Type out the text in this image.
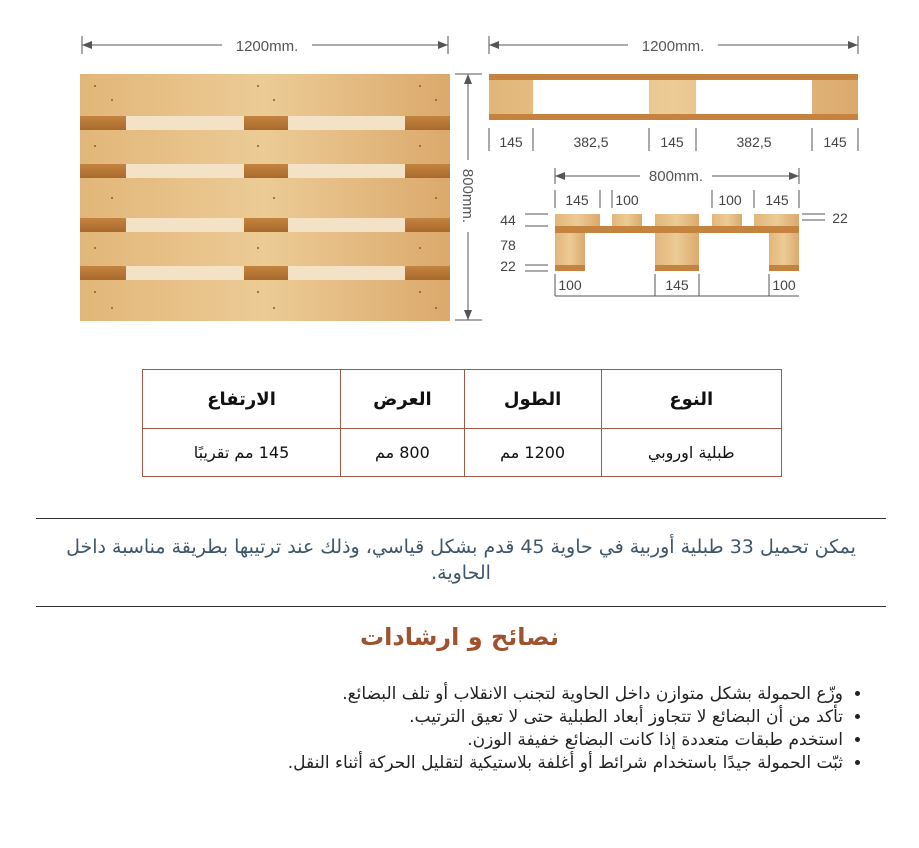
1200mm.
800mm.
1200mm.
145	382,5	145	382,5	145
800mm.
145 100	100 145
44
78
22
22
100	145	100
النوع	الطول	العرض	الارتفاع
طبلية اوروبي	1200 مم	800 مم	145 مم تقريبًا
يمكن تحميل 33 طبلية أوربية في حاوية 45 قدم بشكل قياسي، وذلك عند ترتيبها بطريقة مناسبة داخل الحاوية.
نصائح و ارشادات
• وزّع الحمولة بشكل متوازن داخل الحاوية لتجنب الانقلاب أو تلف البضائع.
• تأكد من أن البضائع لا تتجاوز أبعاد الطبلية حتى لا تعيق الترتيب.
• استخدم طبقات متعددة إذا كانت البضائع خفيفة الوزن.
• ثبّت الحمولة جيدًا باستخدام شرائط أو أغلفة بلاستيكية لتقليل الحركة أثناء النقل.
